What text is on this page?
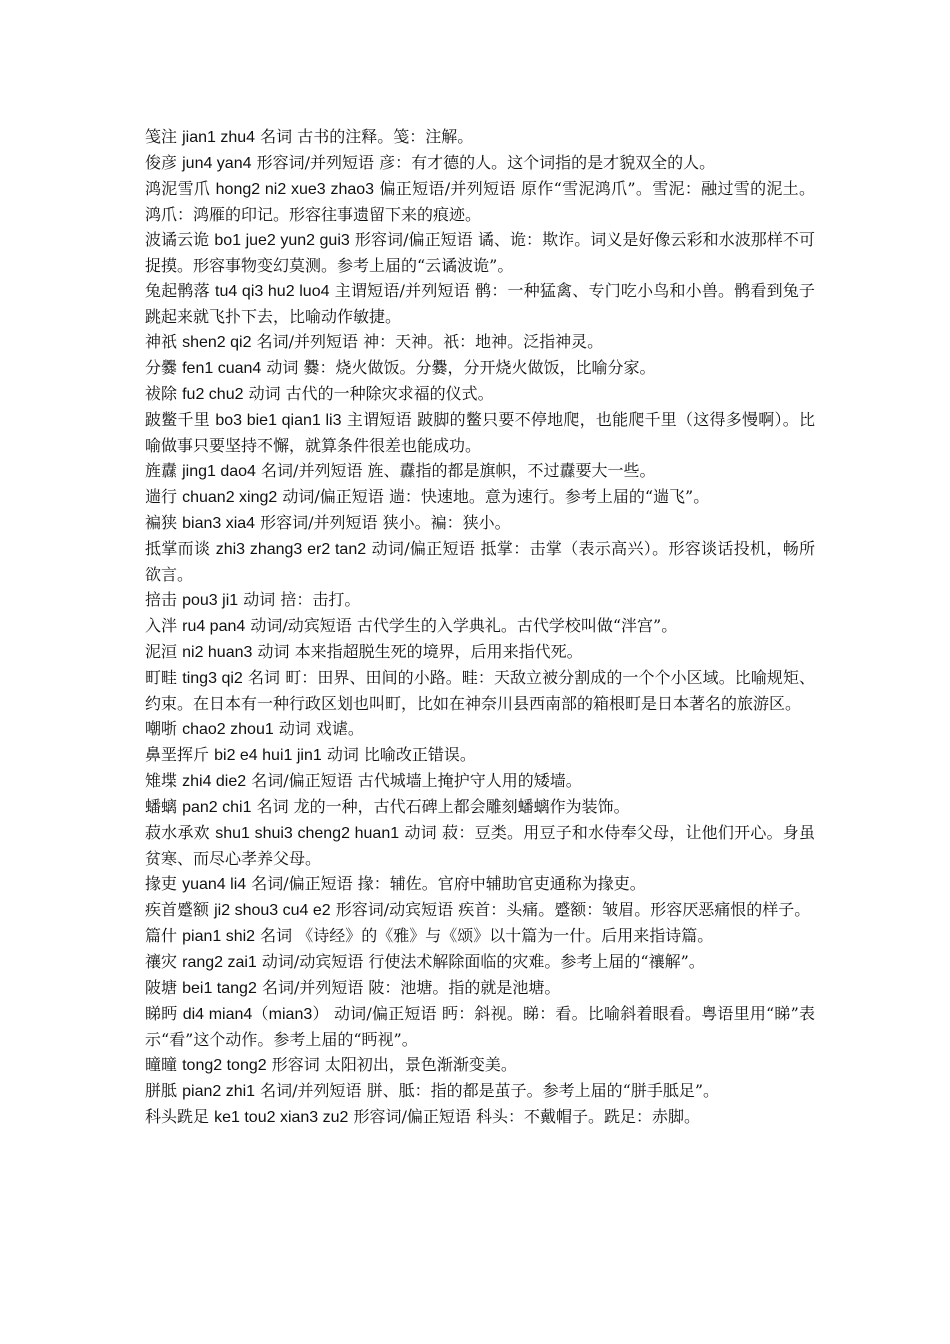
笺注 jian1 zhu4 名词 古书的注释。笺：注解。

俊彦 jun4 yan4 形容词/并列短语 彦：有才德的人。这个词指的是才貌双全的人。

鸿泥雪爪 hong2 ni2 xue3 zhao3 偏正短语/并列短语 原作“雪泥鸿爪”。雪泥：融过雪的泥土。鸿爪：鸿雁的印记。形容往事遗留下来的痕迹。

波谲云诡 bo1 jue2 yun2 gui3 形容词/偏正短语 谲、诡：欺诈。词义是好像云彩和水波那样不可捉摸。形容事物变幻莫测。参考上届的“云谲波诡”。

兔起鹘落 tu4 qi3 hu2 luo4 主谓短语/并列短语 鹘：一种猛禽、专门吃小鸟和小兽。鹘看到兔子跳起来就飞扑下去，比喻动作敏捷。

神祇 shen2 qi2 名词/并列短语 神：天神。祇：地神。泛指神灵。

分爨 fen1 cuan4 动词 爨：烧火做饭。分爨，分开烧火做饭，比喻分家。

祓除 fu2 chu2 动词 古代的一种除灾求福的仪式。

跛鳖千里 bo3 bie1 qian1 li3 主谓短语 跛脚的鳖只要不停地爬，也能爬千里（这得多慢啊）。比喻做事只要坚持不懈，就算条件很差也能成功。

旌纛 jing1 dao4 名词/并列短语 旌、纛指的都是旗帜，不过纛要大一些。

遄行 chuan2 xing2 动词/偏正短语 遄：快速地。意为速行。参考上届的“遄飞”。

褊狭 bian3 xia4 形容词/并列短语 狭小。褊：狭小。

抵掌而谈 zhi3 zhang3 er2 tan2 动词/偏正短语 抵掌：击掌（表示高兴）。形容谈话投机，畅所欲言。

掊击 pou3 ji1 动词 掊：击打。

入泮 ru4 pan4 动词/动宾短语 古代学生的入学典礼。古代学校叫做“泮宫”。

泥洹 ni2 huan3 动词 本来指超脱生死的境界，后用来指代死。

町畦 ting3 qi2 名词 町：田界、田间的小路。畦：天敌立被分割成的一个个小区域。比喻规矩、约束。在日本有一种行政区划也叫町，比如在神奈川县西南部的箱根町是日本著名的旅游区。

嘲哳 chao2 zhou1 动词 戏谑。

鼻垩挥斤 bi2 e4 hui1 jin1 动词 比喻改正错误。

雉堞 zhi4 die2 名词/偏正短语 古代城墙上掩护守人用的矮墙。

蟠螭 pan2 chi1 名词 龙的一种，古代石碑上都会雕刻蟠螭作为装饰。

菽水承欢 shu1 shui3 cheng2 huan1 动词 菽：豆类。用豆子和水侍奉父母，让他们开心。身虽贫寒、而尽心孝养父母。

掾吏 yuan4 li4 名词/偏正短语 掾：辅佐。官府中辅助官吏通称为掾吏。

疾首蹙额 ji2 shou3 cu4 e2 形容词/动宾短语 疾首：头痛。蹙额：皱眉。形容厌恶痛恨的样子。

篇什 pian1 shi2 名词 《诗经》的《雅》与《颂》以十篇为一什。后用来指诗篇。

禳灾 rang2 zai1 动词/动宾短语 行使法术解除面临的灾难。参考上届的“禳解”。

陂塘 bei1 tang2 名词/并列短语 陂：池塘。指的就是池塘。

睇眄 di4 mian4（mian3） 动词/偏正短语 眄：斜视。睇：看。比喻斜着眼看。粤语里用“睇”表示“看”这个动作。参考上届的“眄视”。

曈曈 tong2 tong2 形容词 太阳初出，景色渐渐变美。

胼胝 pian2 zhi1 名词/并列短语 胼、胝：指的都是茧子。参考上届的“胼手胝足”。

科头跣足 ke1 tou2 xian3 zu2 形容词/偏正短语 科头：不戴帽子。跣足：赤脚。
